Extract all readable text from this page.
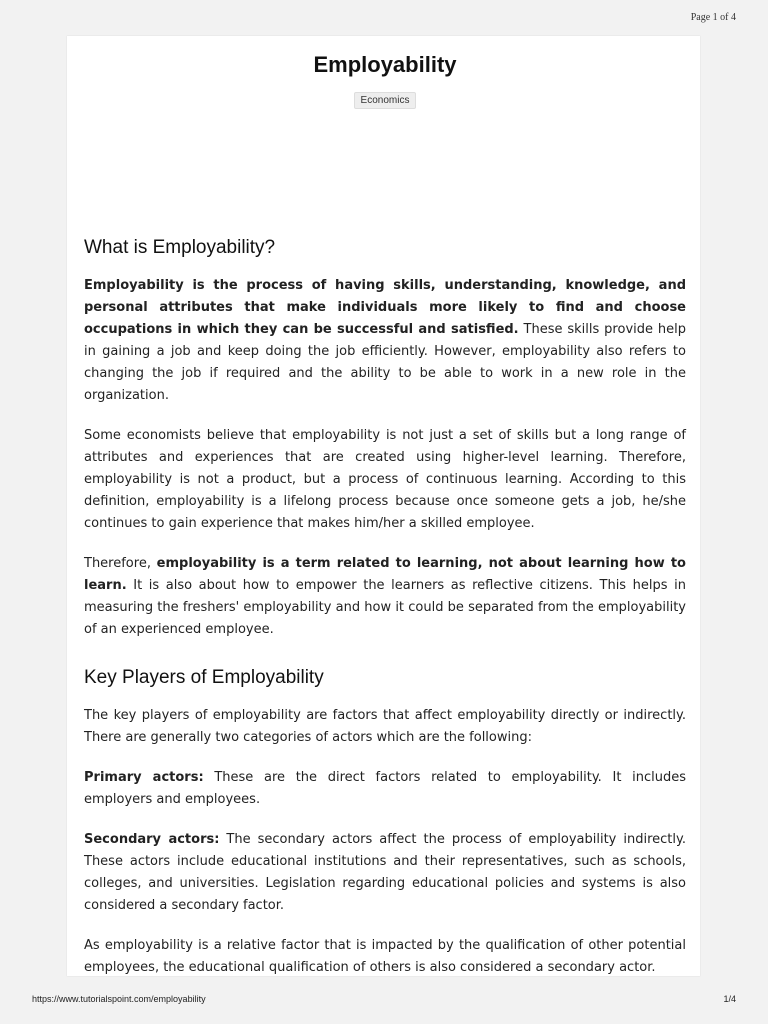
Page 1 of 4
Employability
Economics
What is Employability?

Employability is the process of having skills, understanding, knowledge, and personal attributes that make individuals more likely to find and choose occupations in which they can be successful and satisfied. These skills provide help in gaining a job and keep doing the job efficiently. However, employability also refers to changing the job if required and the ability to be able to work in a new role in the organization.

Some economists believe that employability is not just a set of skills but a long range of attributes and experiences that are created using higher-level learning. Therefore, employability is not a product, but a process of continuous learning. According to this definition, employability is a lifelong process because once someone gets a job, he/she continues to gain experience that makes him/her a skilled employee.

Therefore, employability is a term related to learning, not about learning how to learn. It is also about how to empower the learners as reflective citizens. This helps in measuring the freshers' employability and how it could be separated from the employability of an experienced employee.

Key Players of Employability

The key players of employability are factors that affect employability directly or indirectly. There are generally two categories of actors which are the following:

Primary actors: These are the direct factors related to employability. It includes employers and employees.

Secondary actors: The secondary actors affect the process of employability indirectly. These actors include educational institutions and their representatives, such as schools, colleges, and universities. Legislation regarding educational policies and systems is also considered a secondary factor.

As employability is a relative factor that is impacted by the qualification of other potential employees, the educational qualification of others is also considered a secondary actor.

https://www.tutorialspoint.com/employability	1/4
